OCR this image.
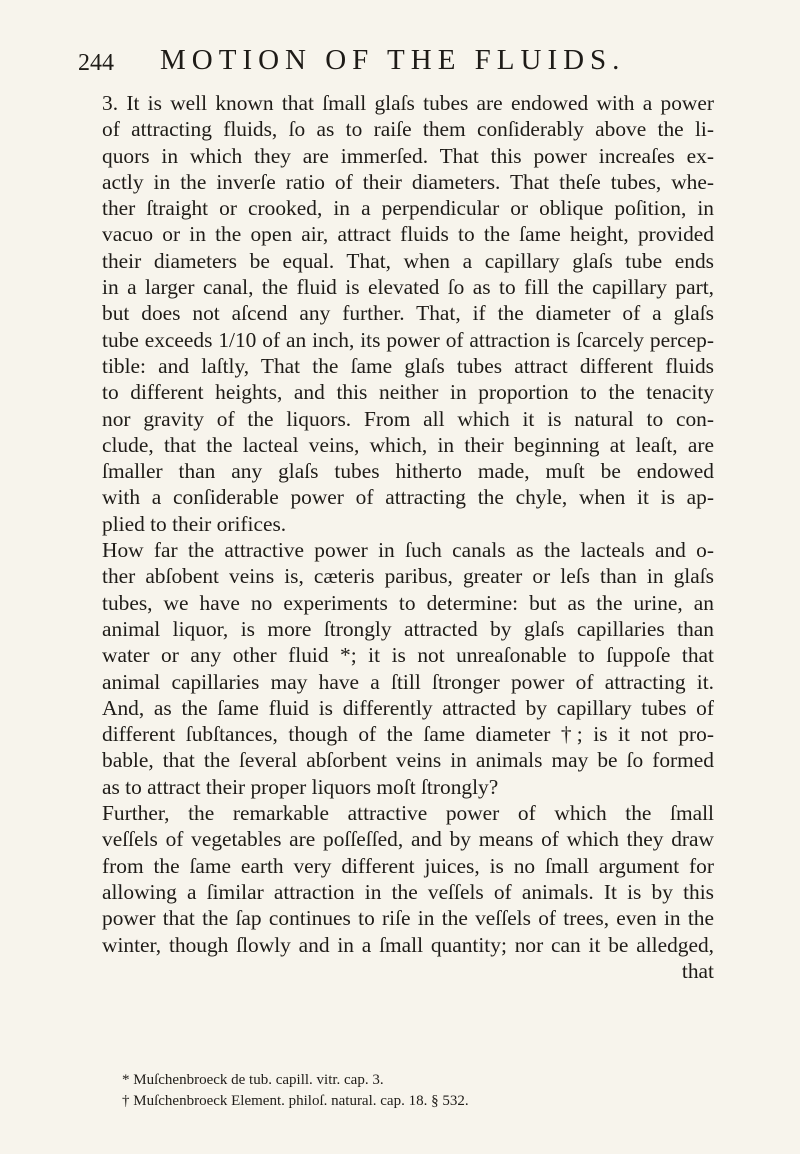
244 MOTION OF THE FLUIDS.
3. It is well known that ſmall glaſs tubes are endowed with a power
of attracting fluids, ſo as to raiſe them conſiderably above the li-
quors in which they are immerſed. That this power increaſes ex-
actly in the inverſe ratio of their diameters. That theſe tubes, whe-
ther ſtraight or crooked, in a perpendicular or oblique poſition, in
vacuo or in the open air, attract fluids to the ſame height, provided
their diameters be equal. That, when a capillary glaſs tube ends
in a larger canal, the fluid is elevated ſo as to fill the capillary part,
but does not aſcend any further. That, if the diameter of a glaſs
tube exceeds 1/10 of an inch, its power of attraction is ſcarcely percep-
tible: and laſtly, That the ſame glaſs tubes attract different fluids
to different heights, and this neither in proportion to the tenacity
nor gravity of the liquors. From all which it is natural to con-
clude, that the lacteal veins, which, in their beginning at leaſt, are
ſmaller than any glaſs tubes hitherto made, muſt be endowed
with a conſiderable power of attracting the chyle, when it is ap-
plied to their orifices.
How far the attractive power in ſuch canals as the lacteals and o-
ther abſobent veins is, cæteris paribus, greater or leſs than in glaſs
tubes, we have no experiments to determine: but as the urine, an
animal liquor, is more ſtrongly attracted by glaſs capillaries than
water or any other fluid *; it is not unreaſonable to ſuppoſe that
animal capillaries may have a ſtill ſtronger power of attracting it.
And, as the ſame fluid is differently attracted by capillary tubes of
different ſubſtances, though of the ſame diameter †; is it not pro-
bable, that the ſeveral abſorbent veins in animals may be ſo formed
as to attract their proper liquors moſt ſtrongly?
Further, the remarkable attractive power of which the ſmall
veſſels of vegetables are poſſeſſed, and by means of which they draw
from the ſame earth very different juices, is no ſmall argument for
allowing a ſimilar attraction in the veſſels of animals. It is by this
power that the ſap continues to riſe in the veſſels of trees, even in the
winter, though ſlowly and in a ſmall quantity; nor can it be alledged,
that
* Muſchenbroeck de tub. capill. vitr. cap. 3.
† Muſchenbroeck Element. philoſ. natural. cap. 18. § 532.
